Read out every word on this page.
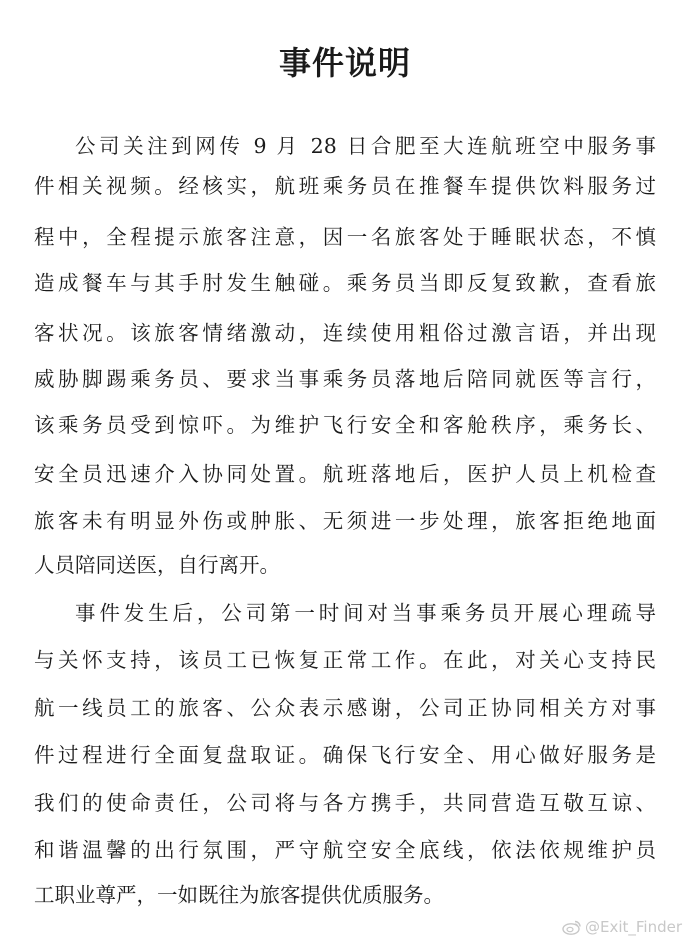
事件说明
公司关注到网传 9 月 28 日合肥至大连航班空中服务事
件相关视频。经核实，航班乘务员在推餐车提供饮料服务过
程中，全程提示旅客注意，因一名旅客处于睡眠状态，不慎
造成餐车与其手肘发生触碰。乘务员当即反复致歉，查看旅
客状况。该旅客情绪激动，连续使用粗俗过激言语，并出现
威胁脚踢乘务员、要求当事乘务员落地后陪同就医等言行，
该乘务员受到惊吓。为维护飞行安全和客舱秩序，乘务长、
安全员迅速介入协同处置。航班落地后，医护人员上机检查
旅客未有明显外伤或肿胀、无须进一步处理，旅客拒绝地面
人员陪同送医，自行离开。
事件发生后，公司第一时间对当事乘务员开展心理疏导
与关怀支持，该员工已恢复正常工作。在此，对关心支持民
航一线员工的旅客、公众表示感谢，公司正协同相关方对事
件过程进行全面复盘取证。确保飞行安全、用心做好服务是
我们的使命责任，公司将与各方携手，共同营造互敬互谅、
和谐温馨的出行氛围，严守航空安全底线，依法依规维护员
工职业尊严，一如既往为旅客提供优质服务。
@Exit_Finder
